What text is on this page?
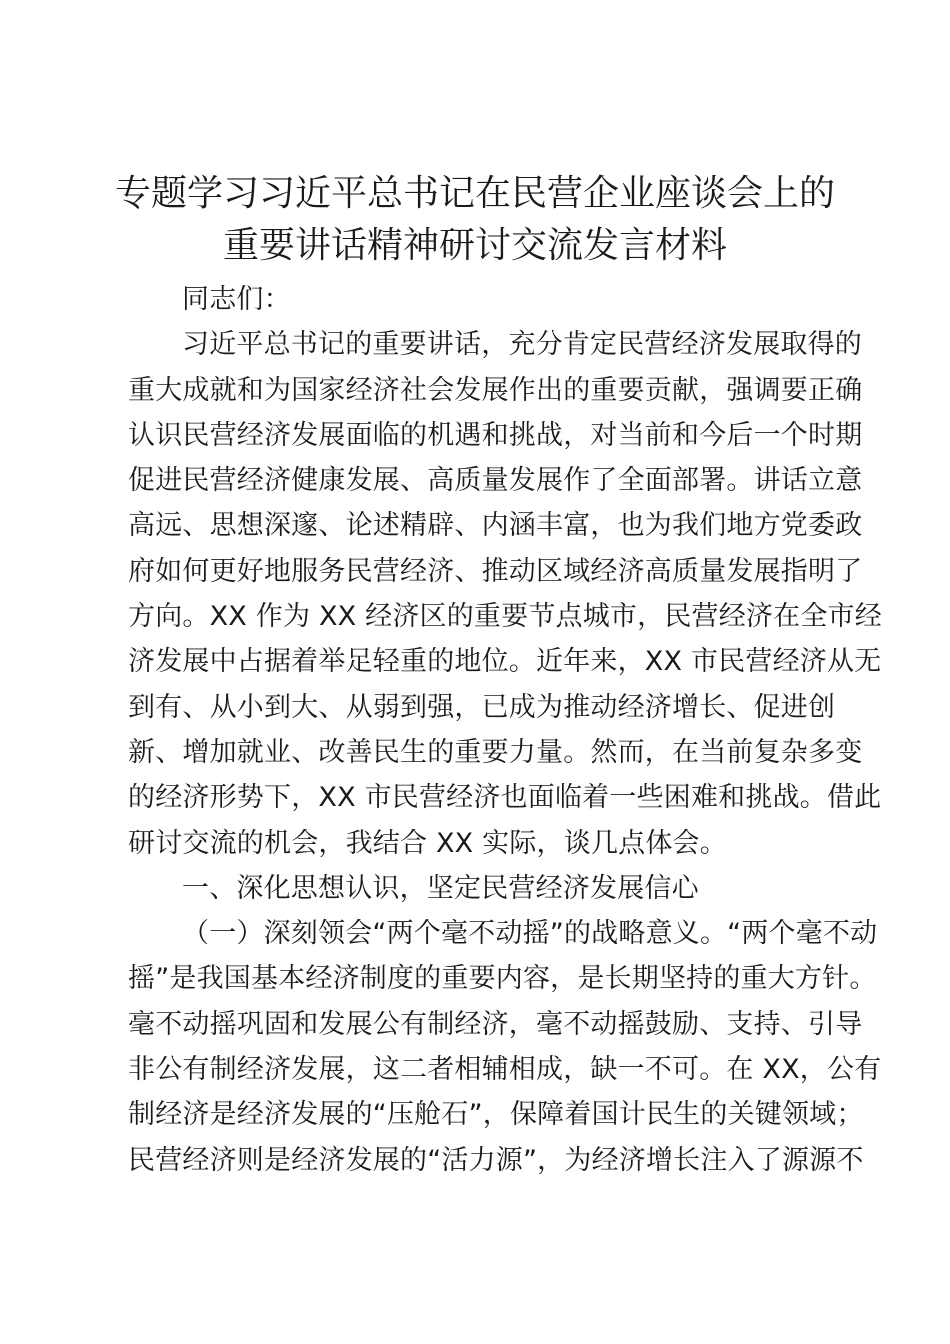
专题学习习近平总书记在民营企业座谈会上的
重要讲话精神研讨交流发言材料
同志们：
习近平总书记的重要讲话，充分肯定民营经济发展取得的
重大成就和为国家经济社会发展作出的重要贡献，强调要正确
认识民营经济发展面临的机遇和挑战，对当前和今后一个时期
促进民营经济健康发展、高质量发展作了全面部署。讲话立意
高远、思想深邃、论述精辟、内涵丰富，也为我们地方党委政
府如何更好地服务民营经济、推动区域经济高质量发展指明了
方向。XX 作为 XX 经济区的重要节点城市，民营经济在全市经
济发展中占据着举足轻重的地位。近年来，XX 市民营经济从无
到有、从小到大、从弱到强，已成为推动经济增长、促进创
新、增加就业、改善民生的重要力量。然而，在当前复杂多变
的经济形势下，XX 市民营经济也面临着一些困难和挑战。借此
研讨交流的机会，我结合 XX 实际，谈几点体会。
一、深化思想认识，坚定民营经济发展信心
（一）深刻领会“两个毫不动摇”的战略意义。“两个毫不动
摇”是我国基本经济制度的重要内容，是长期坚持的重大方针。
毫不动摇巩固和发展公有制经济，毫不动摇鼓励、支持、引导
非公有制经济发展，这二者相辅相成，缺一不可。在 XX，公有
制经济是经济发展的“压舱石”，保障着国计民生的关键领域；
民营经济则是经济发展的“活力源”，为经济增长注入了源源不
